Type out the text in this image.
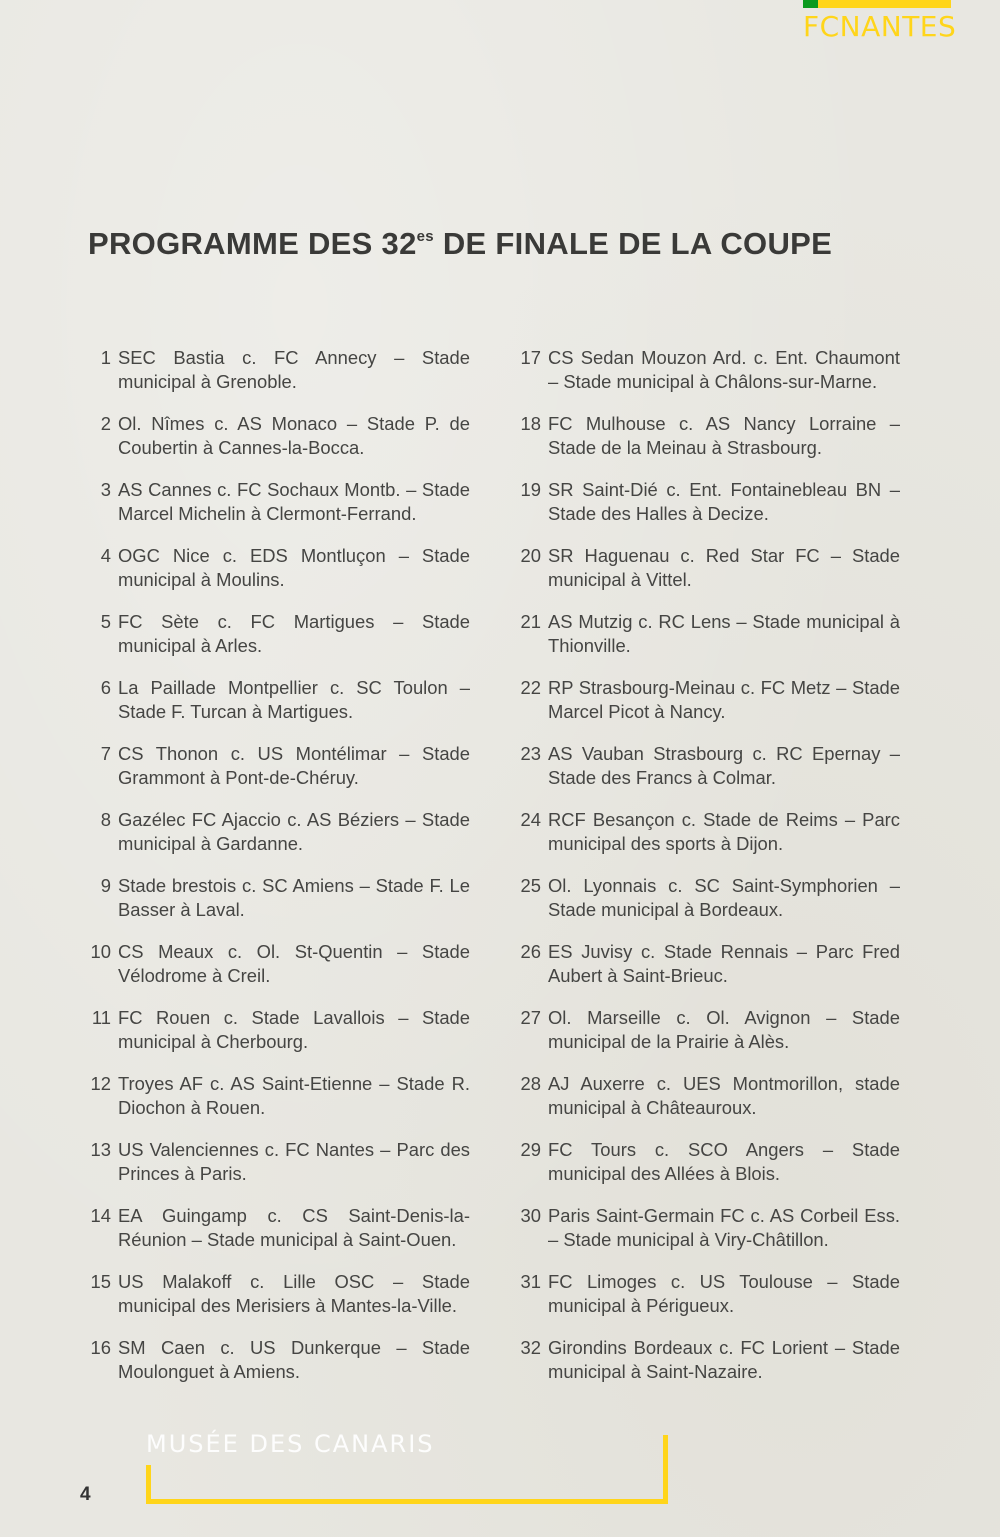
FCNANTES
PROGRAMME DES $32^{es}$ DE FINALE DE LA COUPE
1 SEC Bastia c. FC Annecy – Stade municipal à Grenoble.
2 Ol. Nîmes c. AS Monaco – Stade P. de Coubertin à Cannes-la-Bocca.
3 AS Cannes c. FC Sochaux Montb. – Stade Marcel Michelin à Clermont-Ferrand.
4 OGC Nice c. EDS Montluçon – Stade municipal à Moulins.
5 FC Sète c. FC Martigues – Stade municipal à Arles.
6 La Paillade Montpellier c. SC Toulon – Stade F. Turcan à Martigues.
7 CS Thonon c. US Montélimar – Stade Grammont à Pont-de-Chéruy.
8 Gazélec FC Ajaccio c. AS Béziers – Stade municipal à Gardanne.
9 Stade brestois c. SC Amiens – Stade F. Le Basser à Laval.
10 CS Meaux c. Ol. St-Quentin – Stade Vélodrome à Creil.
11 FC Rouen c. Stade Lavallois – Stade municipal à Cherbourg.
12 Troyes AF c. AS Saint-Etienne – Stade R. Diochon à Rouen.
13 US Valenciennes c. FC Nantes – Parc des Princes à Paris.
14 EA Guingamp c. CS Saint-Denis-la-Réunion – Stade municipal à Saint-Ouen.
15 US Malakoff c. Lille OSC – Stade municipal des Merisiers à Mantes-la-Ville.
16 SM Caen c. US Dunkerque – Stade Moulonguet à Amiens.
17 CS Sedan Mouzon Ard. c. Ent. Chaumont – Stade municipal à Châlons-sur-Marne.
18 FC Mulhouse c. AS Nancy Lorraine – Stade de la Meinau à Strasbourg.
19 SR Saint-Dié c. Ent. Fontainebleau BN – Stade des Halles à Decize.
20 SR Haguenau c. Red Star FC – Stade municipal à Vittel.
21 AS Mutzig c. RC Lens – Stade municipal à Thionville.
22 RP Strasbourg-Meinau c. FC Metz – Stade Marcel Picot à Nancy.
23 AS Vauban Strasbourg c. RC Epernay – Stade des Francs à Colmar.
24 RCF Besançon c. Stade de Reims – Parc municipal des sports à Dijon.
25 Ol. Lyonnais c. SC Saint-Symphorien – Stade municipal à Bordeaux.
26 ES Juvisy c. Stade Rennais – Parc Fred Aubert à Saint-Brieuc.
27 Ol. Marseille c. Ol. Avignon – Stade municipal de la Prairie à Alès.
28 AJ Auxerre c. UES Montmorillon, stade municipal à Châteauroux.
29 FC Tours c. SCO Angers – Stade municipal des Allées à Blois.
30 Paris Saint-Germain FC c. AS Corbeil Ess. – Stade municipal à Viry-Châtillon.
31 FC Limoges c. US Toulouse – Stade municipal à Périgueux.
32 Girondins Bordeaux c. FC Lorient – Stade municipal à Saint-Nazaire.
MUSÉE DES CANARIS
4
